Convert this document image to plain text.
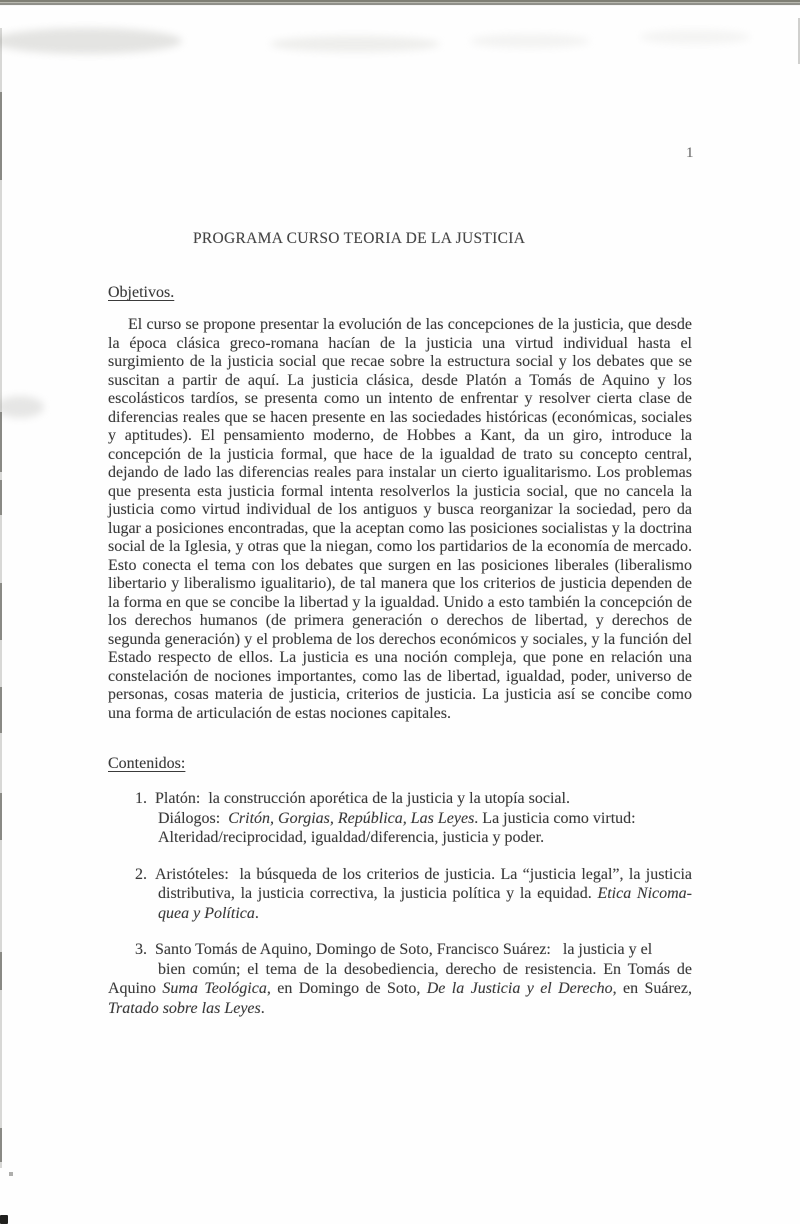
1
PROGRAMA CURSO TEORIA DE LA JUSTICIA
Objetivos.

El curso se propone presentar la evolución de las concepciones de la justicia, que desde la época clásica greco-romana hacían de la justicia una virtud individual hasta el surgimiento de la justicia social que recae sobre la estructura social y los debates que se suscitan a partir de aquí. La justicia clásica, desde Platón a Tomás de Aquino y los escolásticos tardíos, se presenta como un intento de enfrentar y resolver cierta clase de diferencias reales que se hacen presente en las sociedades históricas (económicas, sociales y aptitudes). El pensamiento moderno, de Hobbes a Kant, da un giro, introduce la concepción de la justicia formal, que hace de la igualdad de trato su concepto central, dejando de lado las diferencias reales para instalar un cierto igualitarismo. Los problemas que presenta esta justicia formal intenta resolverlos la justicia social, que no cancela la justicia como virtud individual de los antiguos y busca reorganizar la sociedad, pero da lugar a posiciones encontradas, que la aceptan como las posiciones socialistas y la doctrina social de la Iglesia, y otras que la niegan, como los partidarios de la economía de mercado. Esto conecta el tema con los debates que surgen en las posiciones liberales (liberalismo libertario y liberalismo igualitario), de tal manera que los criterios de justicia dependen de la forma en que se concibe la libertad y la igualdad. Unido a esto también la concepción de los derechos humanos (de primera generación o derechos de libertad, y derechos de segunda generación) y el problema de los derechos económicos y sociales, y la función del Estado respecto de ellos. La justicia es una noción compleja, que pone en relación una constelación de nociones importantes, como las de libertad, igualdad, poder, universo de personas, cosas materia de justicia, criterios de justicia. La justicia así se concibe como una forma de articulación de estas nociones capitales.

Contenidos:
1. Platón:  la construcción aporética de la justicia y la utopía social.
Diálogos:  Critón, Gorgias, República, Las Leyes. La justicia como virtud:
Alteridad/reciprocidad, igualdad/diferencia, justicia y poder.
2. Aristóteles:  la búsqueda de los criterios de justicia. La “justicia legal”, la justicia
distributiva, la justicia correctiva, la justicia política y la equidad. Etica Nicoma-
quea y Política.
3. Santo Tomás de Aquino, Domingo de Soto, Francisco Suárez:   la justicia y el
bien común; el tema de la desobediencia, derecho de resistencia. En Tomás de
Aquino Suma Teológica, en Domingo de Soto, De la Justicia y el Derecho, en Suárez,
Tratado sobre las Leyes.
